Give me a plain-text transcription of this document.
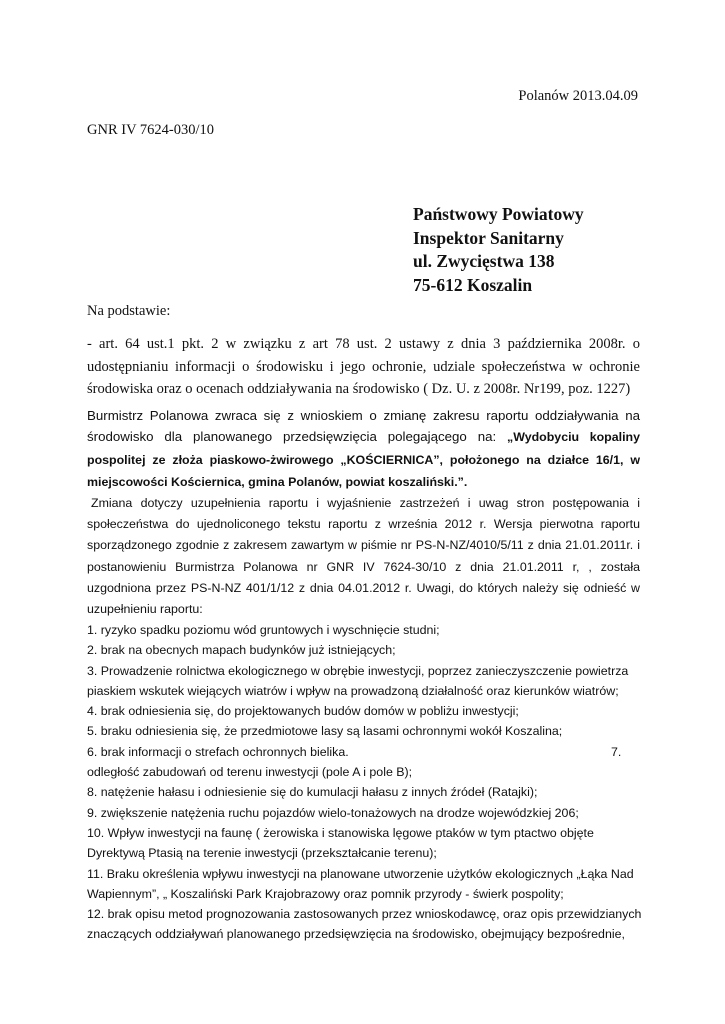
Polanów 2013.04.09
GNR IV 7624-030/10
Państwowy Powiatowy
Inspektor Sanitarny
ul. Zwycięstwa 138
75-612 Koszalin
Na podstawie:
- art. 64 ust.1 pkt. 2 w związku z art 78 ust. 2 ustawy z dnia 3 października 2008r. o udostępnianiu informacji o środowisku i jego ochronie, udziale społeczeństwa w ochronie środowiska oraz o ocenach oddziaływania na środowisko ( Dz. U. z 2008r. Nr199, poz. 1227)
Burmistrz Polanowa zwraca się z wnioskiem o zmianę zakresu raportu oddziaływania na środowisko dla planowanego przedsięwzięcia polegającego na: „Wydobyciu kopaliny pospolitej ze złoża piaskowo-żwirowego „KOŚCIERNICA”, położonego na działce 16/1, w miejscowości Kościernica, gmina Polanów, powiat koszaliński.”.
Zmiana dotyczy uzupełnienia raportu i wyjaśnienie zastrzeżeń i uwag stron postępowania i społeczeństwa do ujednoliconego tekstu raportu z września 2012 r. Wersja pierwotna raportu sporządzonego zgodnie z zakresem zawartym w piśmie nr PS-N-NZ/4010/5/11 z dnia 21.01.2011r. i postanowieniu Burmistrza Polanowa nr GNR IV 7624-30/10 z dnia 21.01.2011 r, , została uzgodniona przez PS-N-NZ 401/1/12 z dnia 04.01.2012 r. Uwagi, do których należy się odnieść w uzupełnieniu raportu:
1. ryzyko spadku poziomu wód gruntowych i wyschnięcie studni;
2. brak na obecnych mapach budynków już istniejących;
3. Prowadzenie rolnictwa ekologicznego w obrębie inwestycji, poprzez zanieczyszczenie powietrza
piaskiem wskutek wiejących wiatrów i wpływ na prowadzoną działalność oraz kierunków wiatrów;
4. brak odniesienia się, do projektowanych budów domów w pobliżu inwestycji;
5. braku odniesienia się, że przedmiotowe lasy są lasami ochronnymi wokół Koszalina;
6. brak informacji o strefach ochronnych bielika.	7.
odległość zabudowań od terenu inwestycji (pole A i pole B);
8. natężenie hałasu i odniesienie się do kumulacji hałasu z innych źródeł (Ratajki);
9. zwiększenie natężenia ruchu pojazdów wielo-tonażowych na drodze wojewódzkiej 206;
10. Wpływ inwestycji na faunę ( żerowiska i stanowiska lęgowe ptaków w tym ptactwo objęte
Dyrektywą Ptasią na terenie inwestycji (przekształcanie terenu);
11. Braku określenia wpływu inwestycji na planowane utworzenie użytków ekologicznych „Łąka Nad
Wapiennym”, „ Koszaliński Park Krajobrazowy oraz pomnik przyrody - świerk pospolity;
12. brak opisu metod prognozowania zastosowanych przez wnioskodawcę, oraz opis przewidzianych
znaczących oddziaływań planowanego przedsięwzięcia na środowisko, obejmujący bezpośrednie,
